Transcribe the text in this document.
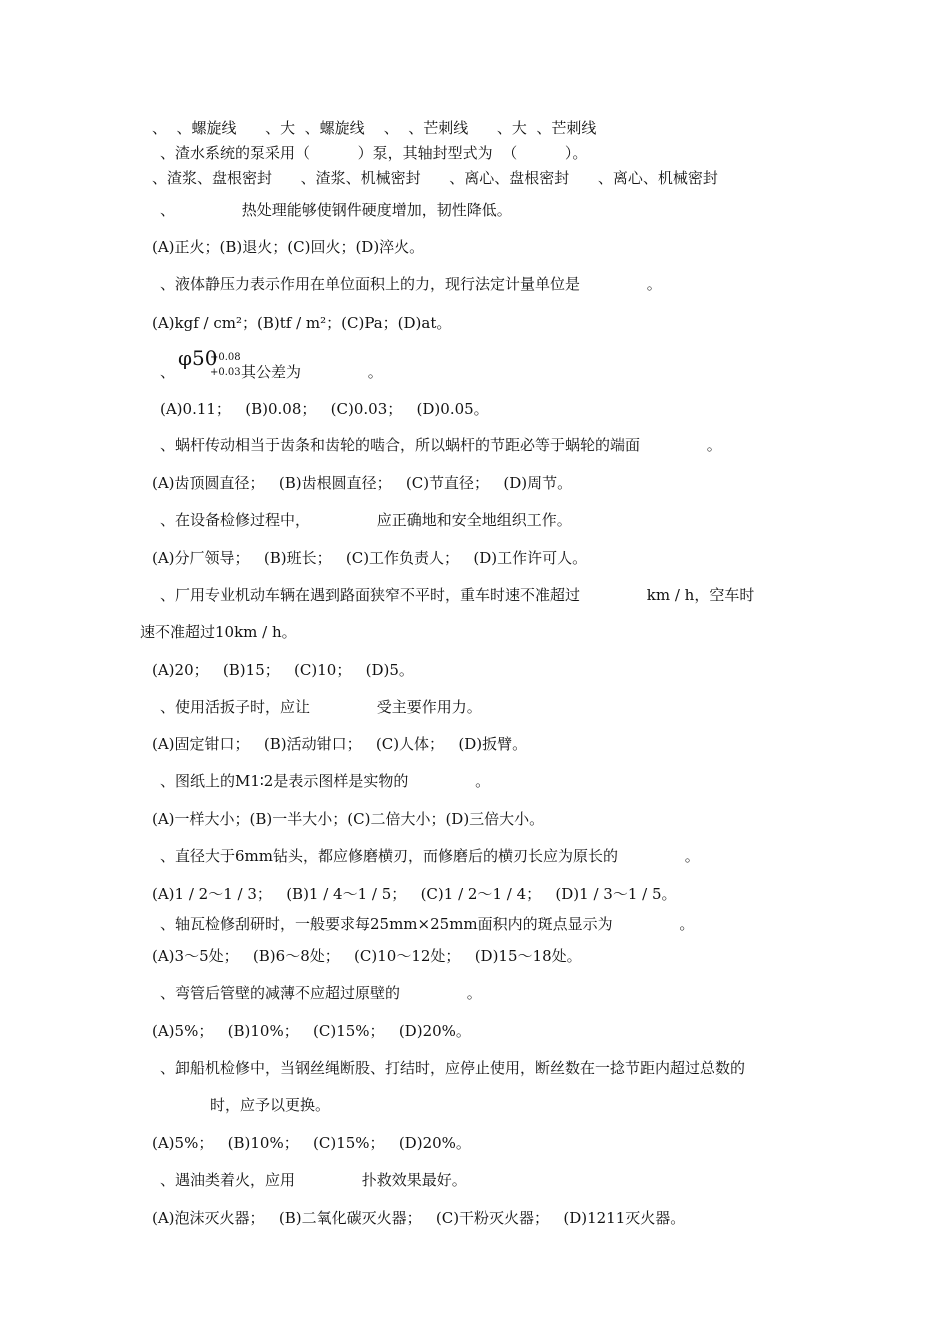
、  、螺旋线      、大  、螺旋线    、  、芒刺线      、大  、芒刺线
、渣水系统的泵采用（          ）泵，其轴封型式为  （          ）。
、渣浆、盘根密封      、渣浆、机械密封      、离心、盘根密封      、离心、机械密封
、              热处理能够使钢件硬度增加，韧性降低。
(A)正火；(B)退火；(C)回火；(D)淬火。
、液体静压力表示作用在单位面积上的力，现行法定计量单位是              。
(A)kgf / cm²；(B)tf / m²；(C)Pa；(D)at。
、
φ50
+0.08
+0.03 其公差为              。
(A)0.11；   (B)0.08；   (C)0.03；   (D)0.05。
、蜗杆传动相当于齿条和齿轮的啮合，所以蜗杆的节距必等于蜗轮的端面              。
(A)齿顶圆直径；   (B)齿根圆直径；   (C)节直径；   (D)周节。
、在设备检修过程中，              应正确地和安全地组织工作。
(A)分厂领导；   (B)班长；   (C)工作负责人；   (D)工作许可人。
、厂用专业机动车辆在遇到路面狭窄不平时，重车时速不准超过              km / h，空车时
速不准超过10km / h。
(A)20；   (B)15；   (C)10；   (D)5。
、使用活扳子时，应让              受主要作用力。
(A)固定钳口；   (B)活动钳口；   (C)人体；   (D)扳臂。
、图纸上的M1∶2是表示图样是实物的              。
(A)一样大小；(B)一半大小；(C)二倍大小；(D)三倍大小。
、直径大于6mm钻头，都应修磨横刃，而修磨后的横刃长应为原长的              。
(A)1 / 2～1 / 3；   (B)1 / 4～1 / 5；   (C)1 / 2～1 / 4；   (D)1 / 3～1 / 5。
、轴瓦检修刮研时，一般要求每25mm×25mm面积内的斑点显示为              。
(A)3～5处；   (B)6～8处；   (C)10～12处；   (D)15～18处。
、弯管后管壁的减薄不应超过原壁的              。
(A)5%；   (B)10%；   (C)15%；   (D)20%。
、卸船机检修中，当钢丝绳断股、打结时，应停止使用，断丝数在一捻节距内超过总数的
时，应予以更换。
(A)5%；   (B)10%；   (C)15%；   (D)20%。
、遇油类着火，应用              扑救效果最好。
(A)泡沫灭火器；   (B)二氧化碳灭火器；   (C)干粉灭火器；   (D)1211灭火器。
